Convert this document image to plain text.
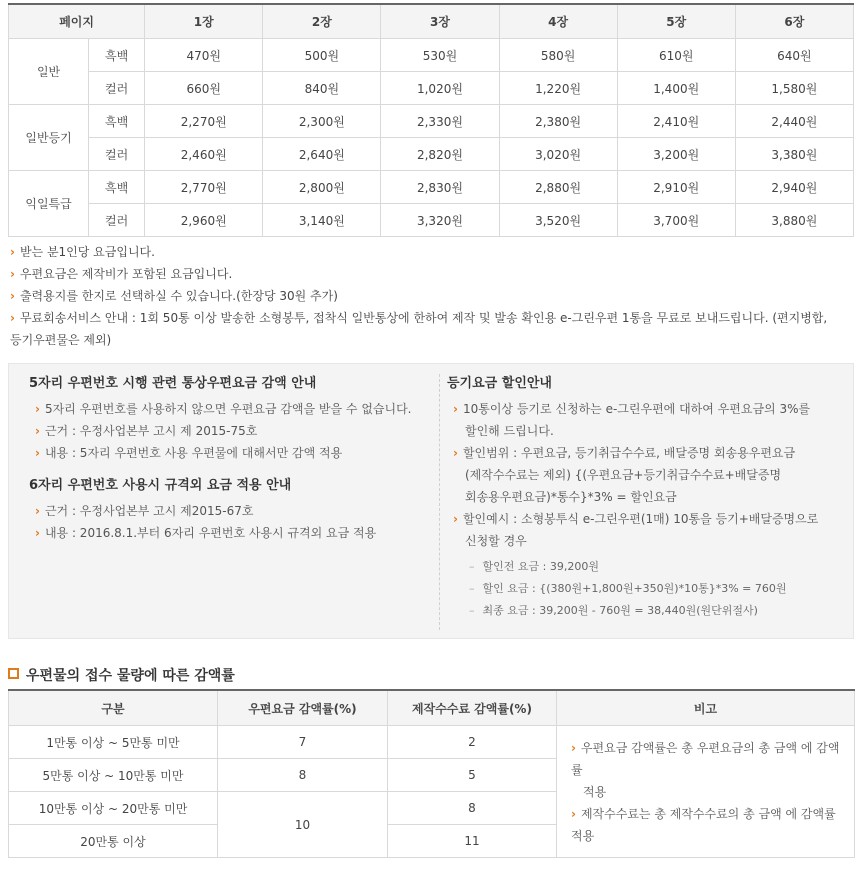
페이지		1장	2장	3장	4장	5장	6장
일반	흑백	470원	500원	530원	580원	610원	640원
	컬러	660원	840원	1,020원	1,220원	1,400원	1,580원
일반등기	흑백	2,270원	2,300원	2,330원	2,380원	2,410원	2,440원
	컬러	2,460원	2,640원	2,820원	3,020원	3,200원	3,380원
익일특급	흑백	2,770원	2,800원	2,830원	2,880원	2,910원	2,940원
	컬러	2,960원	3,140원	3,320원	3,520원	3,700원	3,880원
› 받는 분1인당 요금입니다.
› 우편요금은 제작비가 포함된 요금입니다.
› 출력용지를 한지로 선택하실 수 있습니다.(한장당 30원 추가)
› 무료회송서비스 안내 : 1회 50통 이상 발송한 소형봉투, 접착식 일반통상에 한하여 제작 및 발송 확인용 e-그린우편 1통을 무료로 보내드립니다. (편지병합,
등기우편물은 제외)
5자리 우편번호 시행 관련 통상우편요금 감액 안내
› 5자리 우편번호를 사용하지 않으면 우편요금 감액을 받을 수 없습니다.
› 근거 : 우정사업본부 고시 제 2015-75호
› 내용 : 5자리 우편번호 사용 우편물에 대해서만 감액 적용
6자리 우편번호 사용시 규격외 요금 적용 안내
› 근거 : 우정사업본부 고시 제2015-67호
› 내용 : 2016.8.1.부터 6자리 우편번호 사용시 규격외 요금 적용
등기요금 할인안내
› 10통이상 등기로 신청하는 e-그린우편에 대하여 우편요금의 3%를
할인해 드립니다.
› 할인범위 : 우편요금, 등기취급수수료, 배달증명 회송용우편요금
(제작수수료는 제외) {(우편요금+등기취급수수료+배달증명
회송용우편요금)*통수}*3% = 할인요금
› 할인예시 : 소형봉투식 e-그린우편(1매) 10통을 등기+배달증명으로
신청할 경우
– 할인전 요금 : 39,200원
– 할인 요금 : {(380원+1,800원+350원)*10통}*3% = 760원
– 최종 요금 : 39,200원 - 760원 = 38,440원(원단위절사)
우편물의 접수 물량에 따른 감액률
구분	우편요금 감액률(%)	제작수수료 감액률(%)	비고
1만통 이상 ~ 5만통 미만	7	2	› 우편요금 감액률은 총 우편요금의 총 금액 에 감액률
적용
› 제작수수료는 총 제작수수료의 총 금액 에 감액률 적용

5만통 이상 ~ 10만통 미만	8	5	
10만통 이상 ~ 20만통 미만	10	8	
20만통 이상		11	
